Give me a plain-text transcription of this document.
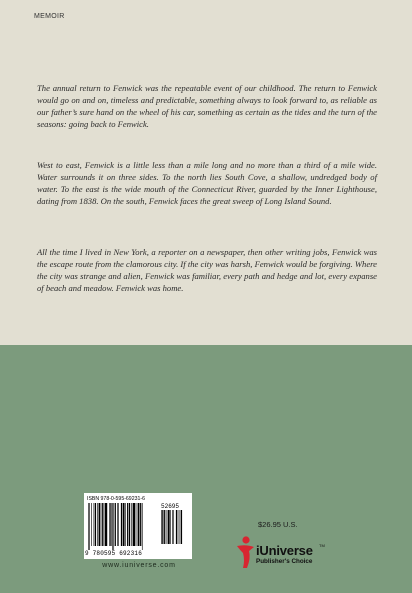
MEMOIR

The annual return to Fenwick was the repeatable event of our childhood. The return to Fenwick would go on and on, timeless and predictable, something always to look forward to, as reliable as our father’s sure hand on the wheel of his car, something as certain as the tides and the turn of the seasons: going back to Fenwick.

West to east, Fenwick is a little less than a mile long and no more than a third of a mile wide. Water surrounds it on three sides. To the north lies South Cove, a shallow, undredged body of water. To the east is the wide mouth of the Connecticut River, guarded by the Inner Lighthouse, dating from 1838. On the south, Fenwick faces the great sweep of Long Island Sound.

All the time I lived in New York, a reporter on a newspaper, then other writing jobs, Fenwick was the escape route from the clamorous city. If the city was harsh, Fenwick would be forgiving. Where the city was strange and alien, Fenwick was familiar, every path and hedge and lot, every expanse of beach and meadow. Fenwick was home.

ISBN 978-0-595-69231-6
52695
9 780595 692316
www.iuniverse.com
$26.95 U.S.
iUniverse TM
Publisher's Choice
